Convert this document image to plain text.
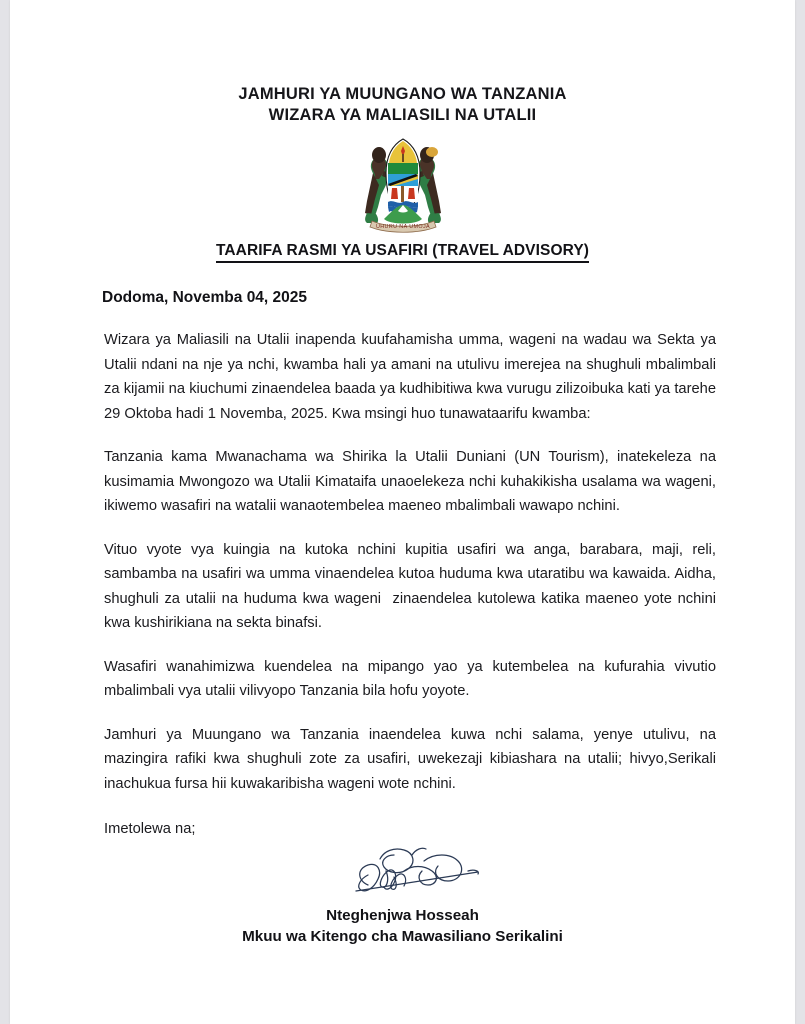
JAMHURI YA MUUNGANO WA TANZANIA
WIZARA YA MALIASILI NA UTALII
UHURU NA UMOJA
TAARIFA RASMI YA USAFIRI (TRAVEL ADVISORY)
Dodoma, Novemba 04, 2025

Wizara ya Maliasili na Utalii inapenda kuufahamisha umma, wageni na wadau wa Sekta ya Utalii ndani na nje ya nchi, kwamba hali ya amani na utulivu imerejea na shughuli mbalimbali za kijamii na kiuchumi zinaendelea baada ya kudhibitiwa kwa vurugu zilizoibuka kati ya tarehe 29 Oktoba hadi 1 Novemba, 2025. Kwa msingi huo tunawataarifu kwamba:

Tanzania kama Mwanachama wa Shirika la Utalii Duniani (UN Tourism), inatekeleza na kusimamia Mwongozo wa Utalii Kimataifa unaoelekeza nchi kuhakikisha usalama wa wageni, ikiwemo wasafiri na watalii wanaotembelea maeneo mbalimbali wawapo nchini.

Vituo vyote vya kuingia na kutoka nchini kupitia usafiri wa anga, barabara, maji, reli, sambamba na usafiri wa umma vinaendelea kutoa huduma kwa utaratibu wa kawaida. Aidha, shughuli za utalii na huduma kwa wageni  zinaendelea kutolewa katika maeneo yote nchini kwa kushirikiana na sekta binafsi.

Wasafiri wanahimizwa kuendelea na mipango yao ya kutembelea na kufurahia vivutio mbalimbali vya utalii vilivyopo Tanzania bila hofu yoyote.

Jamhuri ya Muungano wa Tanzania inaendelea kuwa nchi salama, yenye utulivu, na mazingira rafiki kwa shughuli zote za usafiri, uwekezaji kibiashara na utalii; hivyo,Serikali inachukua fursa hii kuwakaribisha wageni wote nchini.

Imetolewa na;
Nteghenjwa Hosseah
Mkuu wa Kitengo cha Mawasiliano Serikalini
